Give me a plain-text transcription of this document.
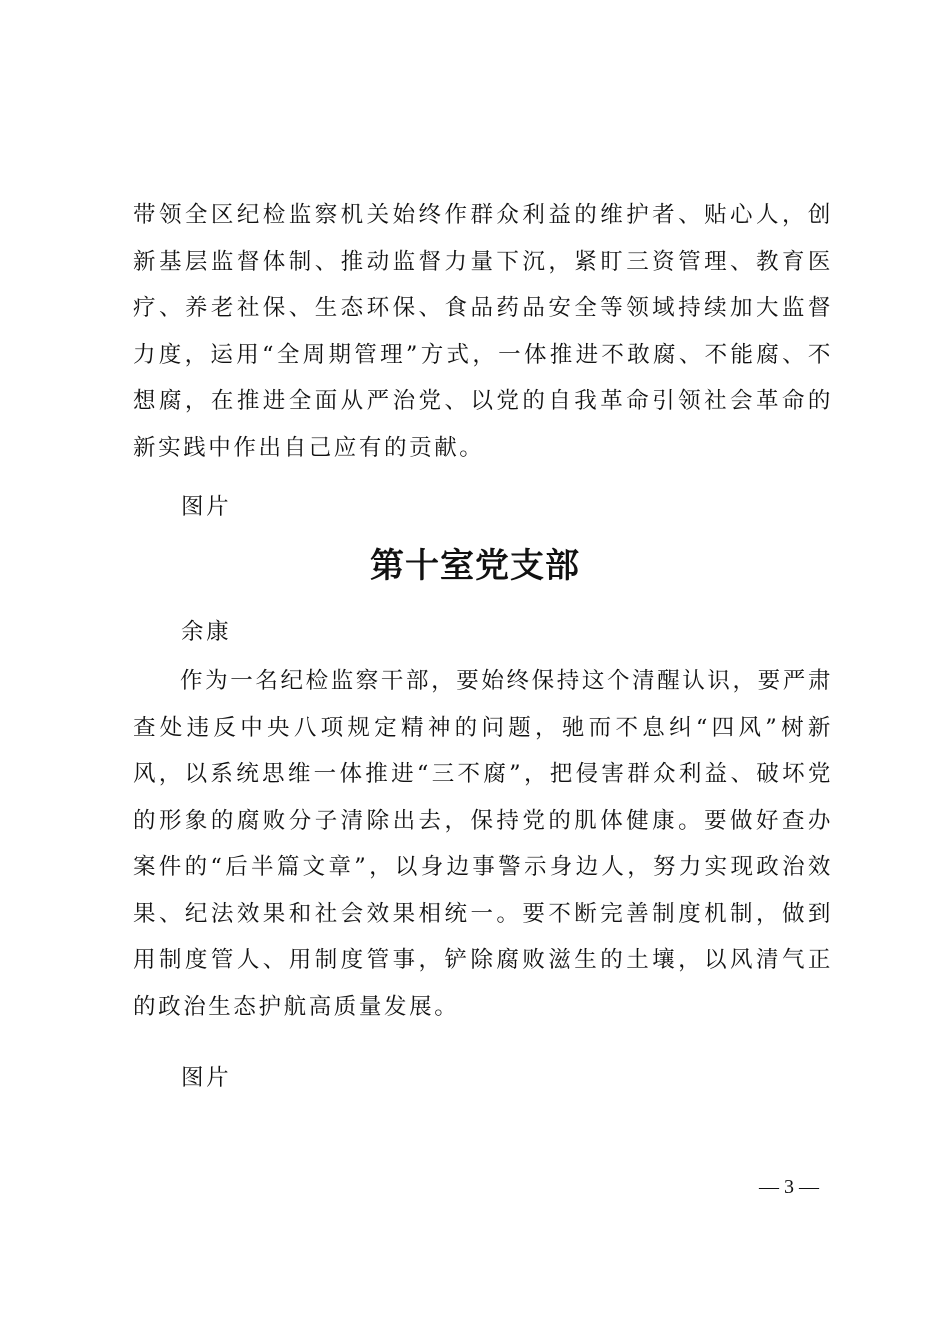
带领全区纪检监察机关始终作群众利益的维护者、贴心人，创新基层监督体制、推动监督力量下沉，紧盯三资管理、教育医疗、养老社保、生态环保、食品药品安全等领域持续加大监督力度，运用“全周期管理”方式，一体推进不敢腐、不能腐、不想腐，在推进全面从严治党、以党的自我革命引领社会革命的新实践中作出自己应有的贡献。

图片

第十室党支部

余康

作为一名纪检监察干部，要始终保持这个清醒认识，要严肃查处违反中央八项规定精神的问题，驰而不息纠“四风”树新风，以系统思维一体推进“三不腐”，把侵害群众利益、破坏党的形象的腐败分子清除出去，保持党的肌体健康。要做好查办案件的“后半篇文章”，以身边事警示身边人，努力实现政治效果、纪法效果和社会效果相统一。要不断完善制度机制，做到用制度管人、用制度管事，铲除腐败滋生的土壤，以风清气正的政治生态护航高质量发展。

图片

— 3 —
